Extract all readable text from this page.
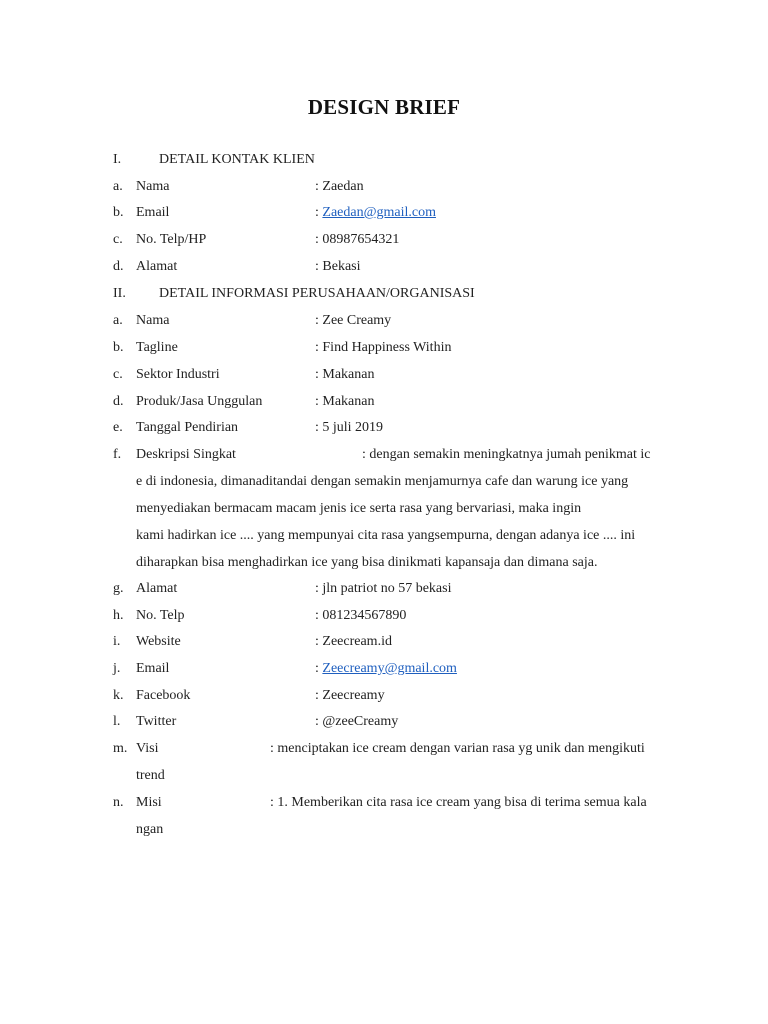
DESIGN BRIEF
I.	DETAIL KONTAK KLIEN
a. Nama	: Zaedan
b. Email	: Zaedan@gmail.com
c. No. Telp/HP	: 08987654321
d. Alamat	: Bekasi
II. DETAIL INFORMASI PERUSAHAAN/ORGANISASI
a. Nama	: Zee Creamy
b. Tagline	: Find Happiness Within
c. Sektor Industri	: Makanan
d. Produk/Jasa Unggulan	: Makanan
e. Tanggal Pendirian	: 5 juli 2019
f. Deskripsi Singkat	: dengan semakin meningkatnya jumah penikmat ic
e di indonesia, dimanaditandai dengan semakin menjamurnya cafe dan warung ice yang
menyediakan bermacam macam jenis ice serta rasa yang bervariasi, maka ingin
kami hadirkan ice .... yang mempunyai cita rasa yangsempurna, dengan adanya ice .... ini
diharapkan bisa menghadirkan ice yang bisa dinikmati kapansaja dan dimana saja.
g. Alamat	: jln patriot no 57 bekasi
h. No. Telp	: 081234567890
i. Website	: Zeecream.id
j. Email	: Zeecreamy@gmail.com
k. Facebook	: Zeecreamy
l. Twitter	: @zeeCreamy
m. Visi	: menciptakan ice cream dengan varian rasa yg unik dan mengikuti
trend
n. Misi	: 1. Memberikan cita rasa ice cream yang bisa di terima semua kala
ngan
